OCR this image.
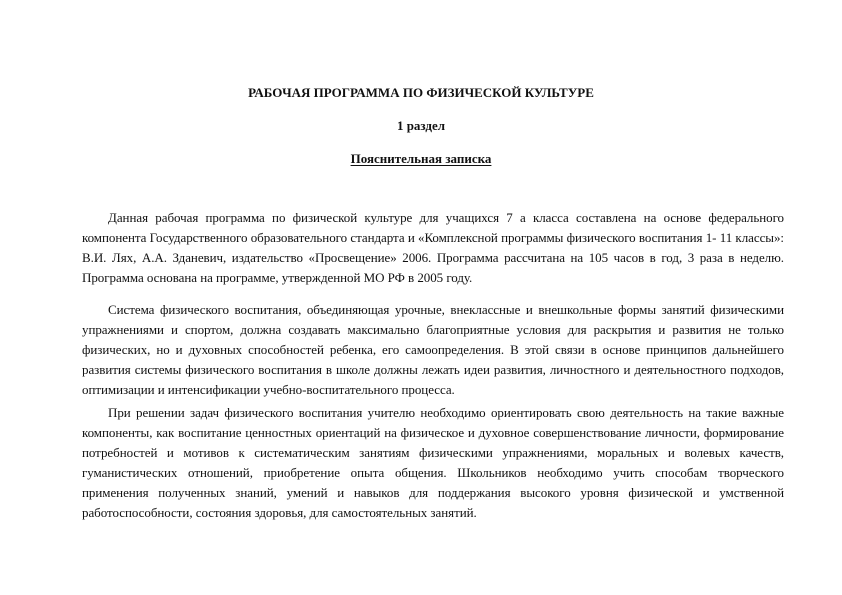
РАБОЧАЯ ПРОГРАММА ПО ФИЗИЧЕСКОЙ КУЛЬТУРЕ

1 раздел

Пояснительная записка

Данная рабочая программа по физической культуре для учащихся 7 а класса составлена на основе федерального компонента Государственного образовательного стандарта и «Комплексной программы физического воспитания 1- 11 классы»: В.И. Лях, А.А. Зданевич, издательство «Просвещение» 2006. Программа рассчитана на 105 часов в год, 3 раза в неделю. Программа основана на программе, утвержденной МО РФ в 2005 году.

Система физического воспитания, объединяющая урочные, внеклассные и внешкольные формы занятий физическими упражнениями и спортом, должна создавать максимально благоприятные условия для раскрытия и развития не только физических, но и духовных способностей ребенка, его самоопределения. В этой связи в основе принципов дальнейшего развития системы физического воспитания в школе должны лежать идеи развития, личностного и деятельностного подходов, оптимизации и интенсификации учебно-воспитательного процесса.

При решении задач физического воспитания учителю необходимо ориентировать свою деятельность на такие важные компоненты, как воспитание ценностных ориентаций на физическое и духовное совершенствование личности, формирование потребностей и мотивов к систематическим занятиям физическими упражнениями, моральных и волевых качеств, гуманистических отношений, приобретение опыта общения. Школьников необходимо учить способам творческого применения полученных знаний, умений и навыков для поддержания высокого уровня физической и умственной работоспособности, состояния здоровья, для самостоятельных занятий.
